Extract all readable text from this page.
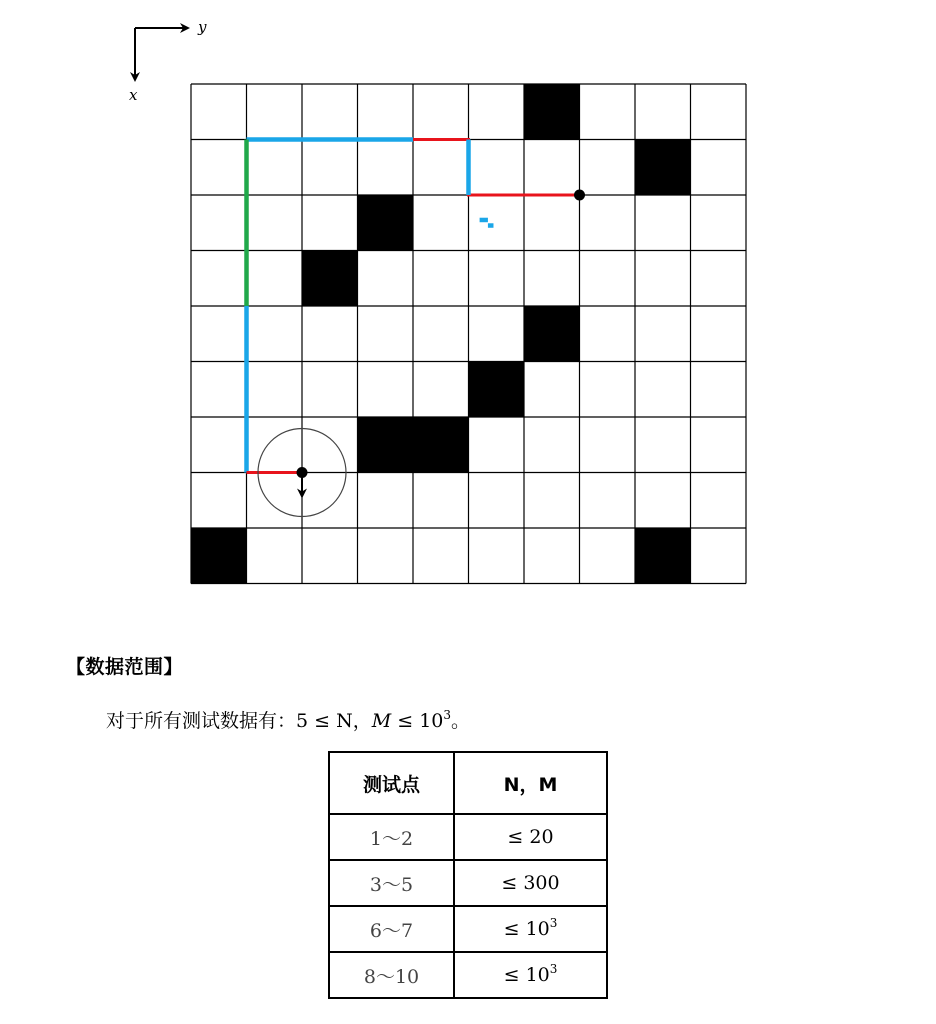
y
x
【数据范围】
对于所有测试数据有：5 ≤ N，$M \le 10^3$。
测试点	N，M
1～2	≤ 20
3～5	≤ 300
6～7	≤ $10^3$
8～10	≤ $10^3$
